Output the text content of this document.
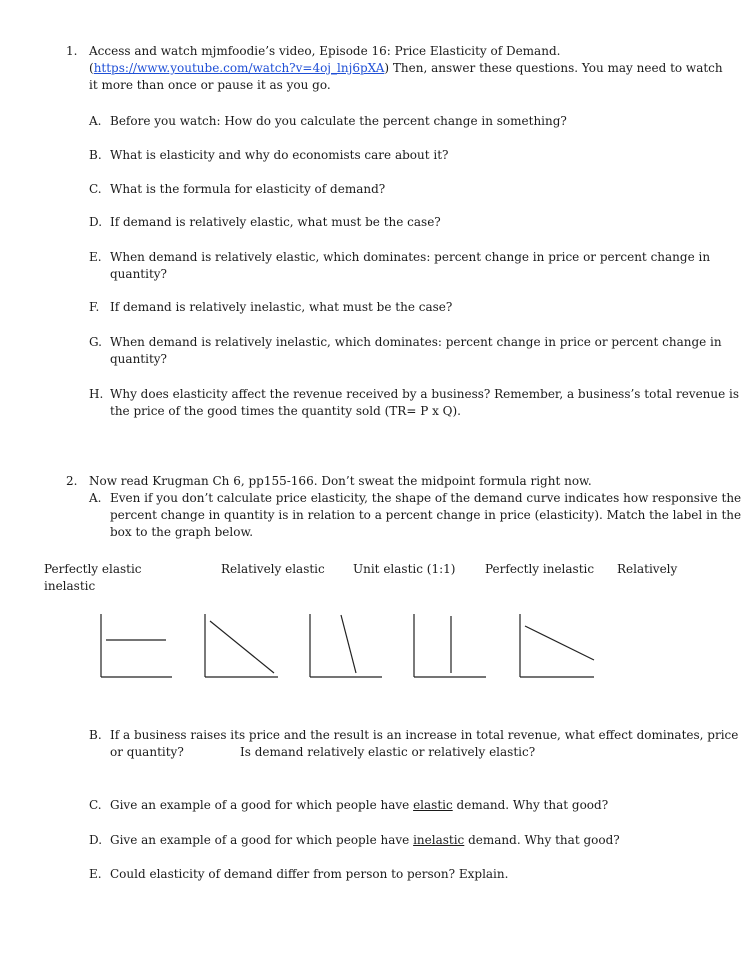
1. Access and watch mjmfoodie’s video, Episode 16: Price Elasticity of Demand.
(https://www.youtube.com/watch?v=4oj_lnj6pXA) Then, answer these questions. You may need to watch
it more than once or pause it as you go.
A. Before you watch: How do you calculate the percent change in something?
B. What is elasticity and why do economists care about it?
C. What is the formula for elasticity of demand?
D. If demand is relatively elastic, what must be the case?
E. When demand is relatively elastic, which dominates: percent change in price or percent change in
quantity?
F. If demand is relatively inelastic, what must be the case?
G. When demand is relatively inelastic, which dominates: percent change in price or percent change in
quantity?
H. Why does elasticity affect the revenue received by a business? Remember, a business’s total revenue is
the price of the good times the quantity sold (TR= P x Q).
2. Now read Krugman Ch 6, pp155-166. Don’t sweat the midpoint formula right now.
A. Even if you don’t calculate price elasticity, the shape of the demand curve indicates how responsive the
percent change in quantity is in relation to a percent change in price (elasticity). Match the label in the
box to the graph below.
Perfectly elastic	Relatively elastic Unit elastic (1:1) Perfectly inelastic Relatively
inelastic
B. If a business raises its price and the result is an increase in total revenue, what effect dominates, price
or quantity?	Is demand relatively elastic or relatively elastic?
C. Give an example of a good for which people have elastic demand. Why that good?
D. Give an example of a good for which people have inelastic demand. Why that good?
E. Could elasticity of demand differ from person to person? Explain.
